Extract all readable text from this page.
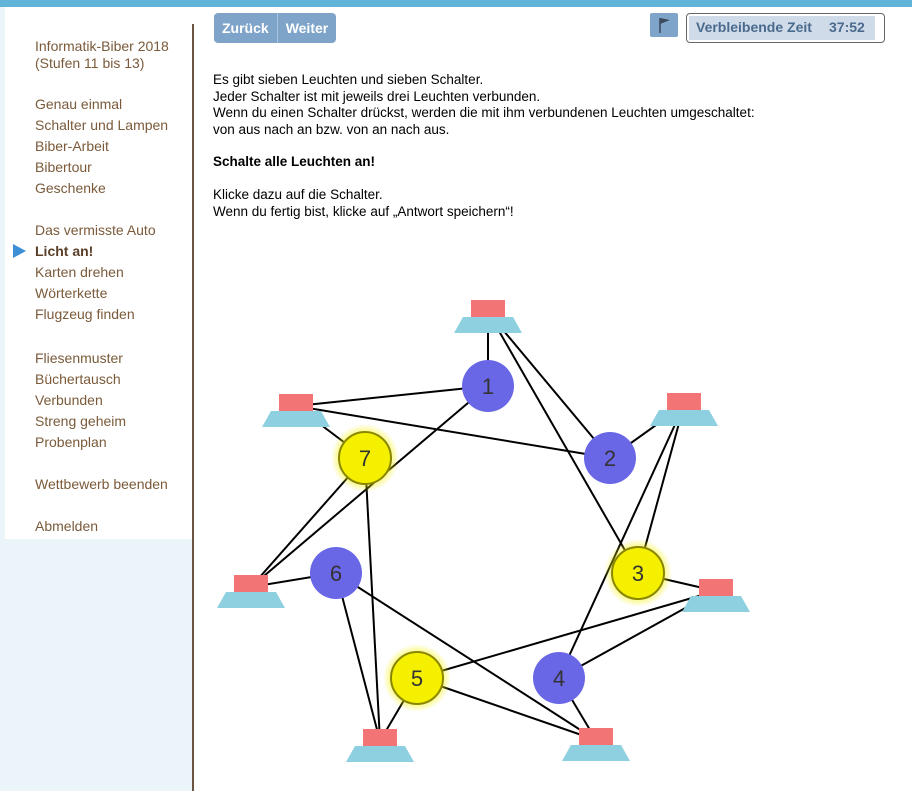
Informatik-Biber 2018
(Stufen 11 bis 13)
Genau einmal
Schalter und Lampen
Biber-Arbeit
Bibertour
Geschenke
Das vermisste Auto
Licht an!
Karten drehen
Wörterkette
Flugzeug finden
Fliesenmuster
Büchertausch
Verbunden
Streng geheim
Probenplan
Wettbewerb beenden
Abmelden
Zurück	Weiter	Verbleibende Zeit 37:52

Es gibt sieben Leuchten und sieben Schalter.

Jeder Schalter ist mit jeweils drei Leuchten verbunden.

Wenn du einen Schalter drückst, werden die mit ihm verbundenen Leuchten umgeschaltet:

von aus nach an bzw. von an nach aus.

Schalte alle Leuchten an!

Klicke dazu auf die Schalter.

Wenn du fertig bist, klicke auf „Antwort speichern“!

1
2
3
4
5
6
7
